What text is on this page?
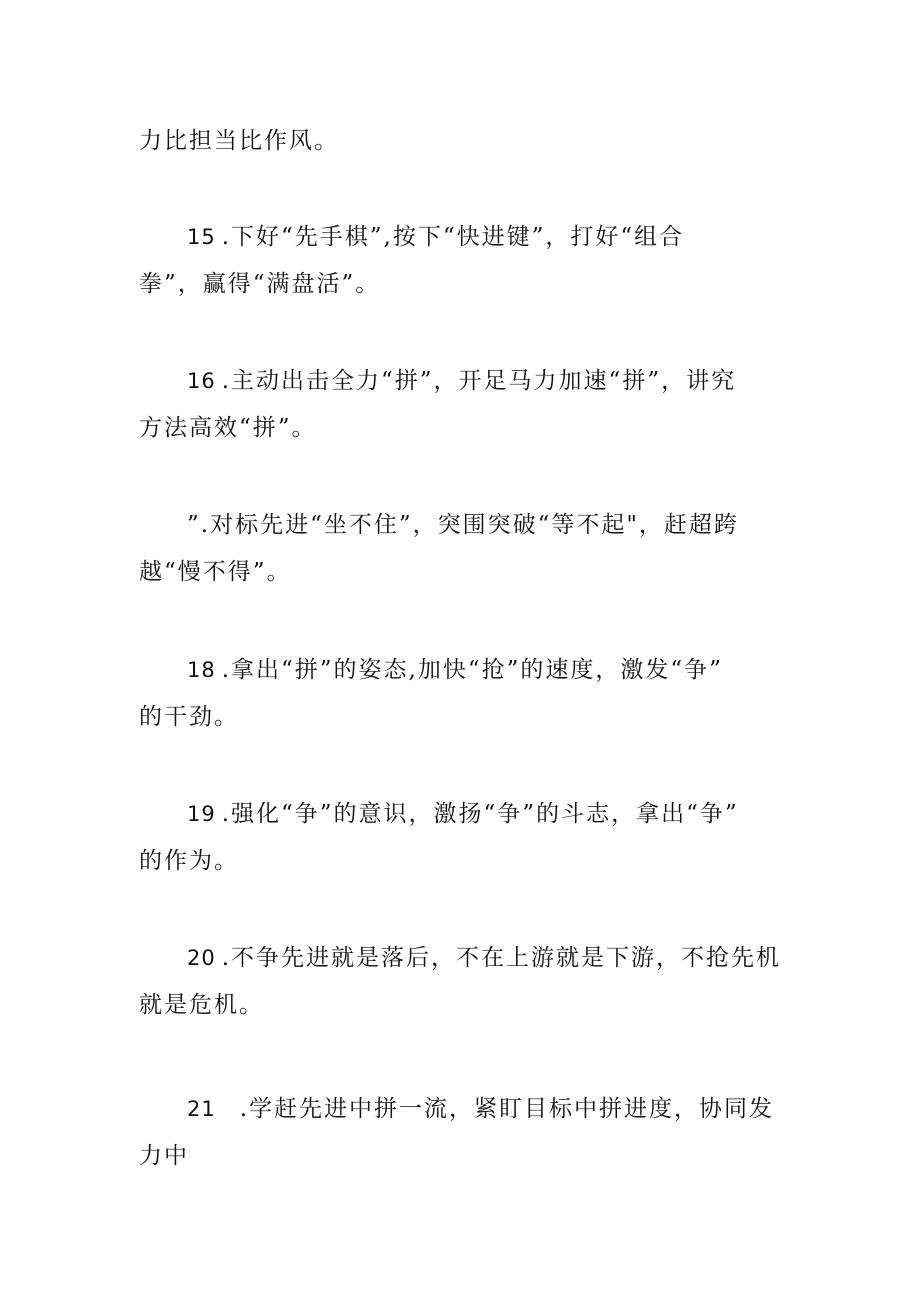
力比担当比作风。
15 .下好“先手棋”,按下“快进键”，打好“组合
拳”，赢得“满盘活”。
16 .主动出击全力“拼”，开足马力加速“拼”，讲究
方法高效“拼”。
”.对标先进“坐不住”，突围突破“等不起"，赶超跨
越“慢不得”。
18 .拿出“拼”的姿态,加快“抢”的速度，激发“争”
的干劲。
19 .强化“争”的意识，激扬“争”的斗志，拿出“争”
的作为。
20 .不争先进就是落后，不在上游就是下游，不抢先机
就是危机。
21 .学赶先进中拼一流，紧盯目标中拼进度，协同发
力中
